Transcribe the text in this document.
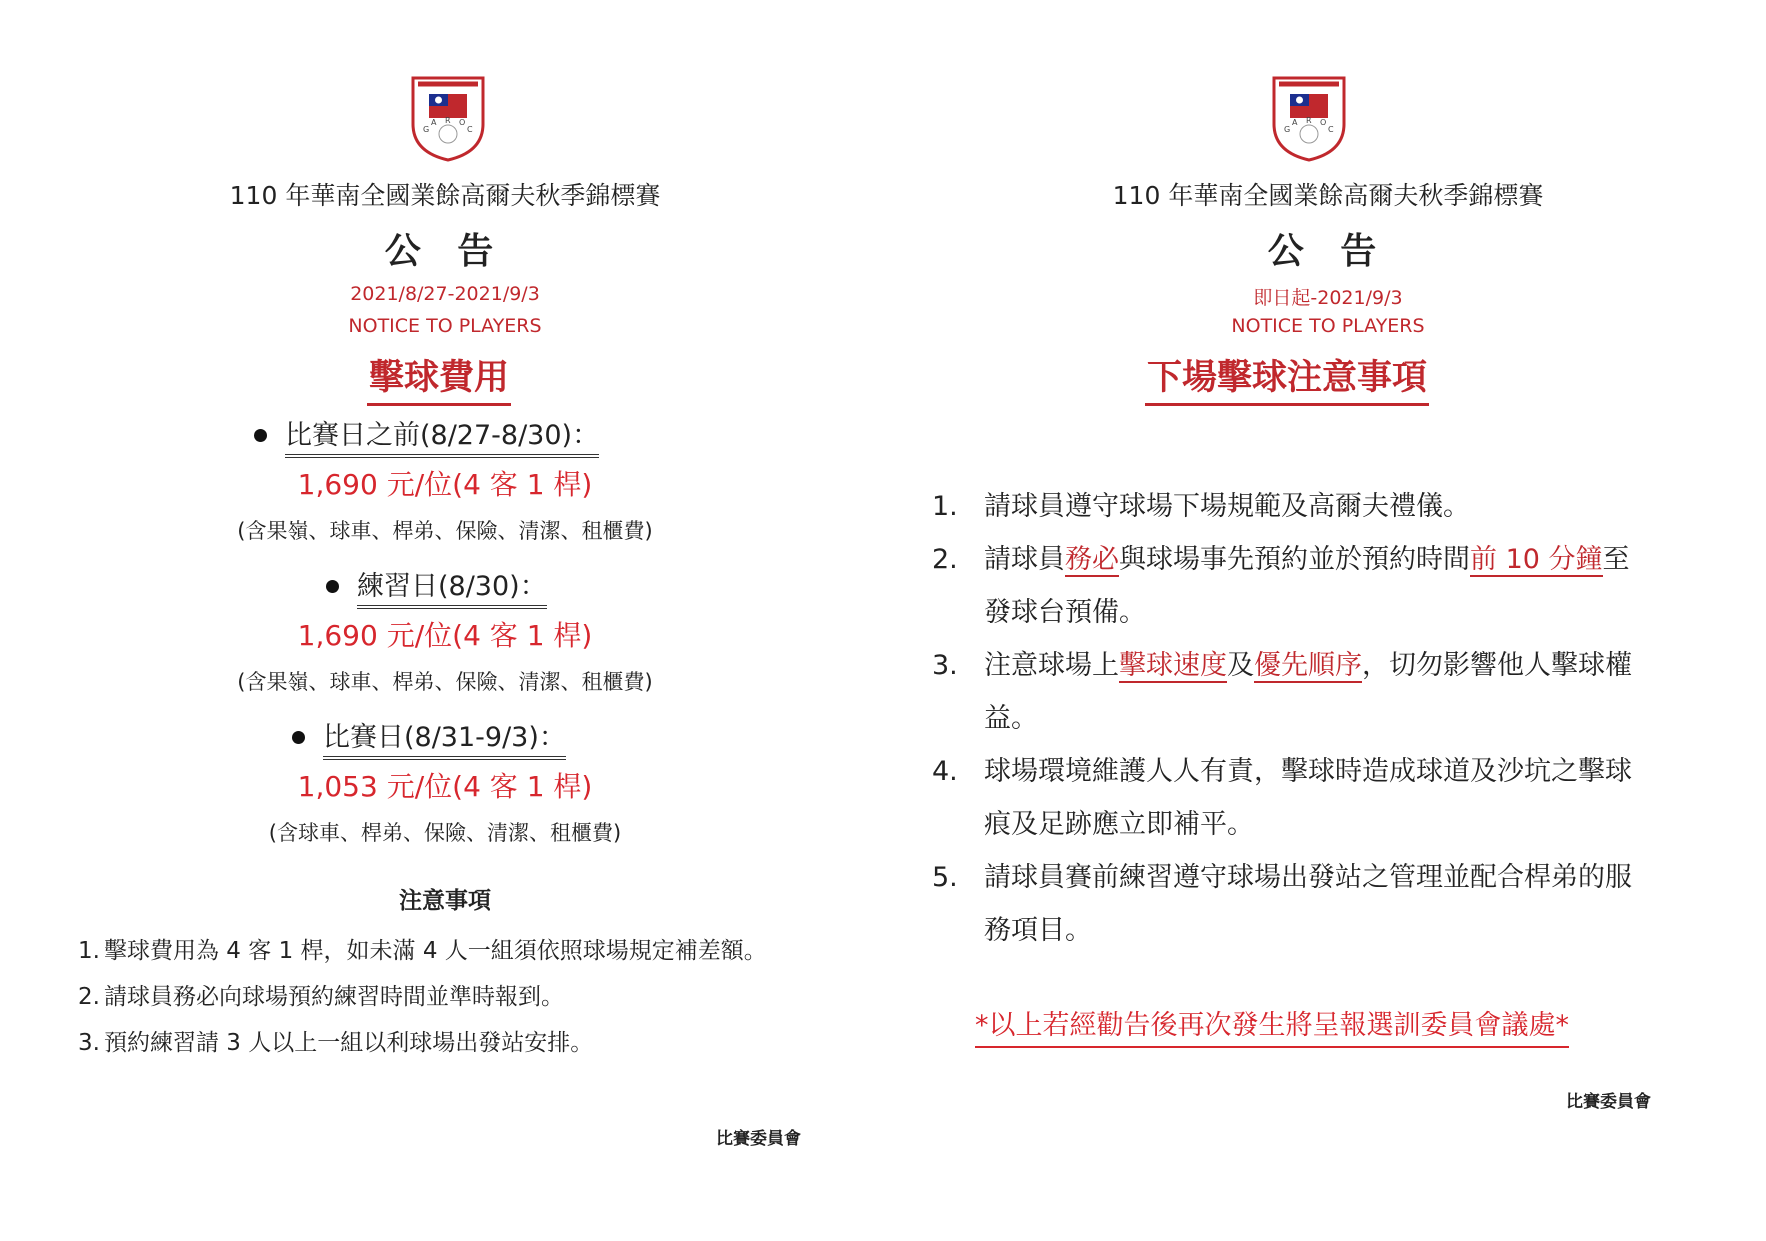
G
A R O
C
110 年華南全國業餘高爾夫秋季錦標賽
公 告
2021/8/27-2021/9/3
NOTICE TO PLAYERS
擊球費用
比賽日之前(8/27-8/30)：
1,690 元/位(4 客 1 桿)
(含果嶺、球車、桿弟、保險、清潔、租櫃費)
練習日(8/30)：
1,690 元/位(4 客 1 桿)
(含果嶺、球車、桿弟、保險、清潔、租櫃費)
比賽日(8/31-9/3)：
1,053 元/位(4 客 1 桿)
(含球車、桿弟、保險、清潔、租櫃費)
注意事項
1. 擊球費用為 4 客 1 桿，如未滿 4 人一組須依照球場規定補差額。
2. 請球員務必向球場預約練習時間並準時報到。
3. 預約練習請 3 人以上一組以利球場出發站安排。
比賽委員會
G
A R O
C
110 年華南全國業餘高爾夫秋季錦標賽
公 告
即日起-2021/9/3
NOTICE TO PLAYERS
下場擊球注意事項
1. 請球員遵守球場下場規範及高爾夫禮儀。
2. 請球員務必與球場事先預約並於預約時間前 10 分鐘至發球台預備。
3. 注意球場上擊球速度及優先順序，切勿影響他人擊球權益。
4. 球場環境維護人人有責，擊球時造成球道及沙坑之擊球痕及足跡應立即補平。
5. 請球員賽前練習遵守球場出發站之管理並配合桿弟的服務項目。
*以上若經勸告後再次發生將呈報選訓委員會議處*
比賽委員會
